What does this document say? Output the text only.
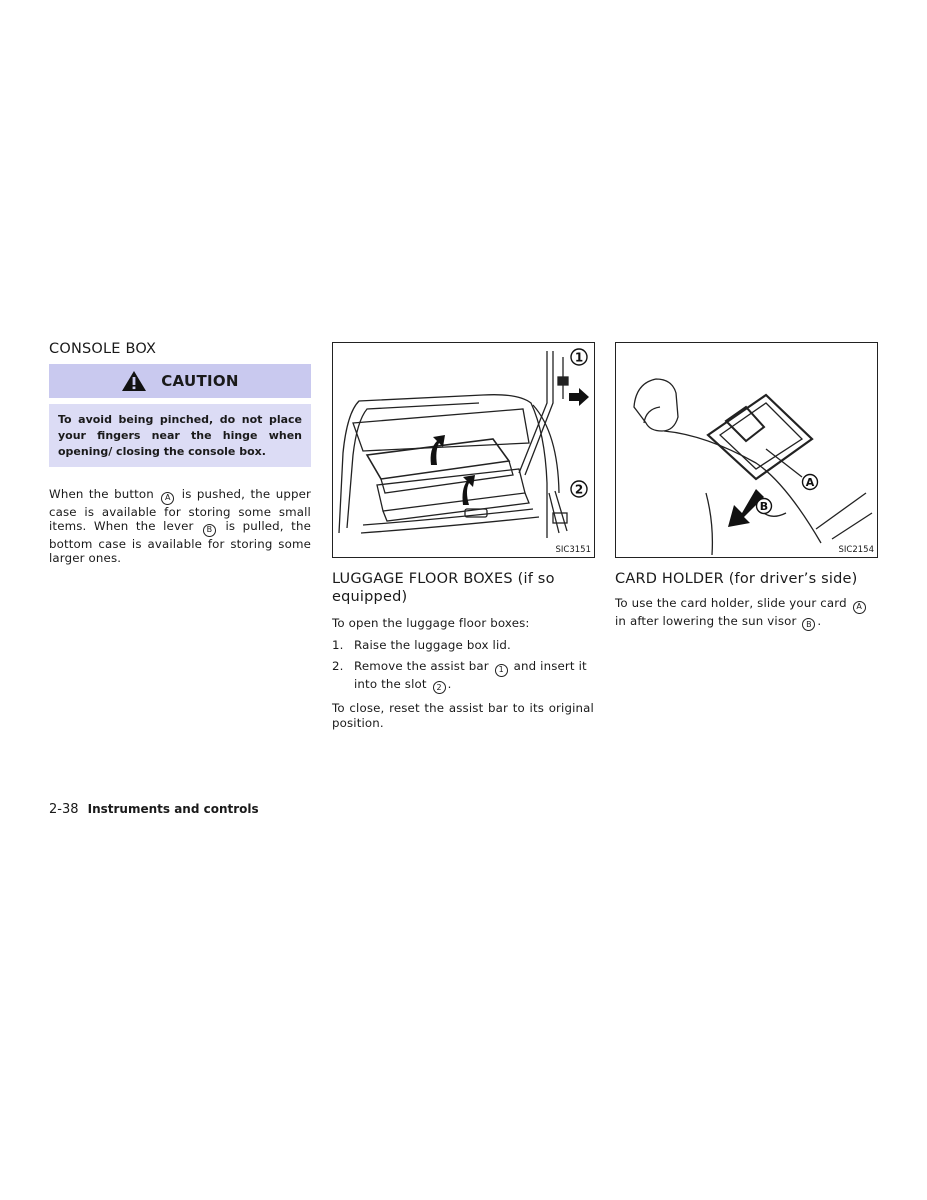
CONSOLE BOX
CAUTION
To avoid being pinched, do not place your fingers near the hinge when opening/ closing the console box.

When the button A is pushed, the upper case is available for storing some small items. When the lever B is pulled, the bottom case is available for storing some larger ones.

1
2
SIC3151
LUGGAGE FLOOR BOXES (if so equipped)

To open the luggage floor boxes:

1. Raise the luggage box lid.
2. Remove the assist bar 1 and insert it into the slot 2 .

To close, reset the assist bar to its original position.

A
B
SIC2154
CARD HOLDER (for driver’s side)

To use the card holder, slide your card A in after lowering the sun visor B .

2-38 Instruments and controls
